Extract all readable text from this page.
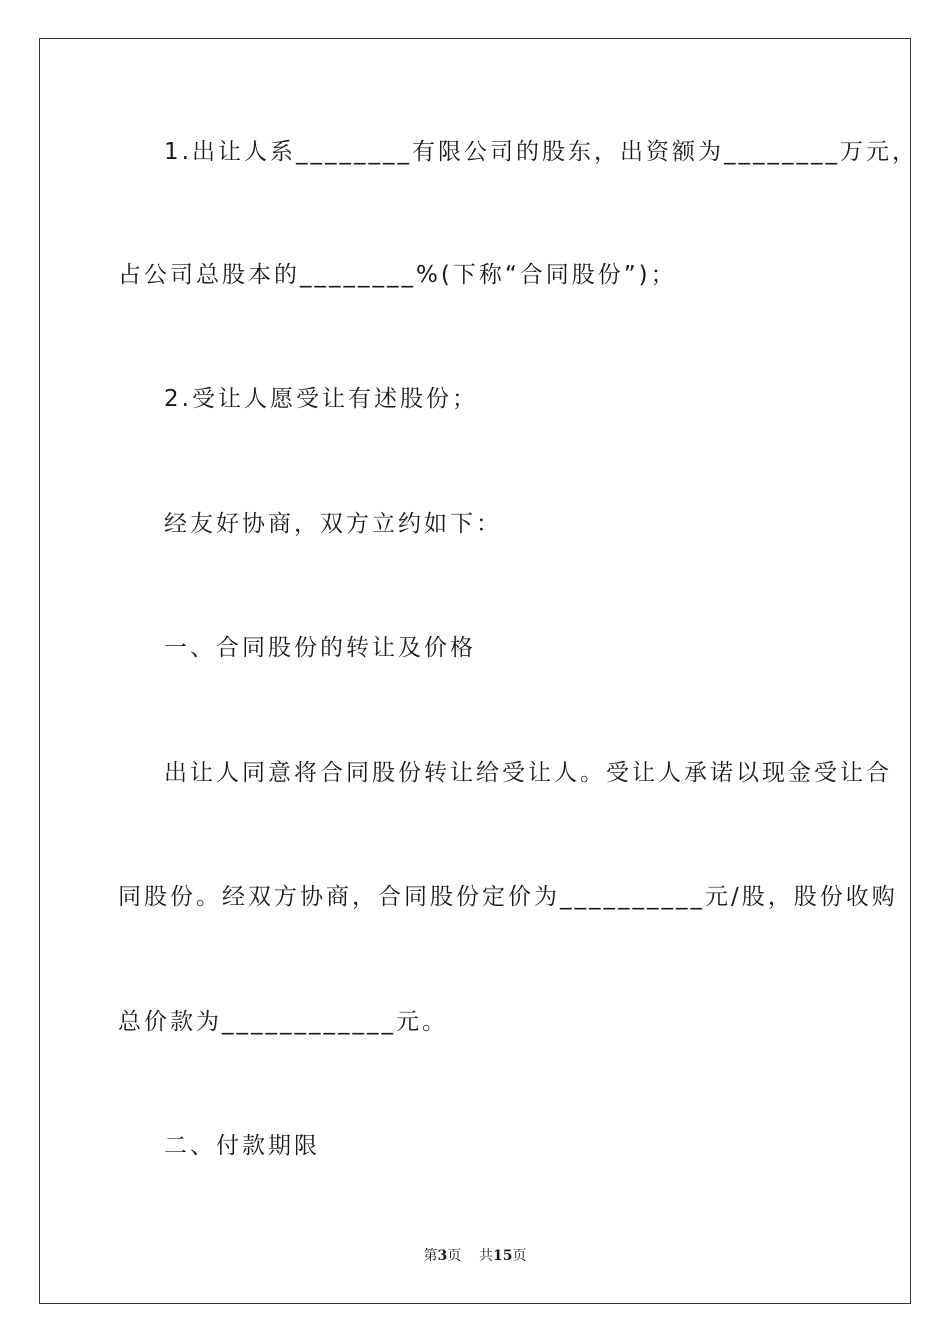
1.出让人系________有限公司的股东，出资额为________万元，
占公司总股本的________%(下称“合同股份”)；
2.受让人愿受让有述股份；
经友好协商，双方立约如下：
一、合同股份的转让及价格
出让人同意将合同股份转让给受让人。受让人承诺以现金受让合
同股份。经双方协商，合同股份定价为__________元/股，股份收购
总价款为____________元。
二、付款期限
第3页 共15页
